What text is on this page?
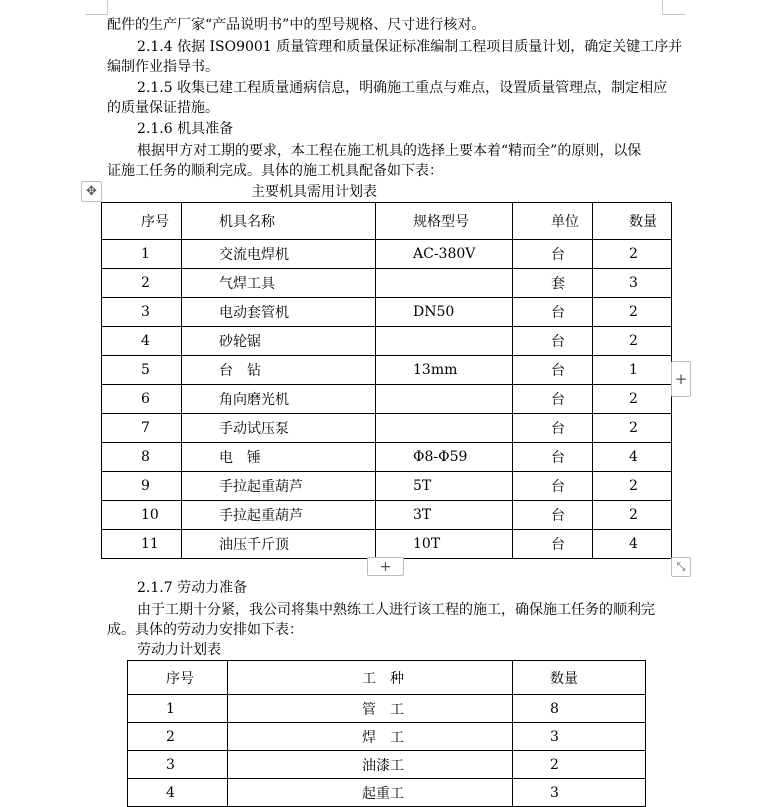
配件的生产厂家“产品说明书”中的型号规格、尺寸进行核对。
2.1.4 依据 ISO9001 质量管理和质量保证标准编制工程项目质量计划，确定关键工序并
编制作业指导书。
2.1.5 收集已建工程质量通病信息，明确施工重点与难点，设置质量管理点，制定相应
的质量保证措施。
2.1.6 机具准备
根据甲方对工期的要求，本工程在施工机具的选择上要本着“精而全”的原则，以保
证施工任务的顺利完成。具体的施工机具配备如下表：
主要机具需用计划表
✥
序号	机具名称	规格型号	单位	数量
1	交流电焊机	AC-380V	台	2
2	气焊工具		套	3
3	电动套管机	DN50	台	2
4	砂轮锯		台	2
5	台　钻	13mm	台	1
6	角向磨光机		台	2
7	手动试压泵		台	2
8	电　锤	Φ8-Φ59	台	4
9	手拉起重葫芦	5T	台	2
10	手拉起重葫芦	3T	台	2
11	油压千斤顶	10T	台	4
+
+	⤡
2.1.7 劳动力准备
由于工期十分紧，我公司将集中熟练工人进行该工程的施工，确保施工任务的顺利完
成。具体的劳动力安排如下表：
劳动力计划表
序号	工　种	数量
1	管　工	8
2	焊　工	3
3	油漆工	2
4	起重工	3
